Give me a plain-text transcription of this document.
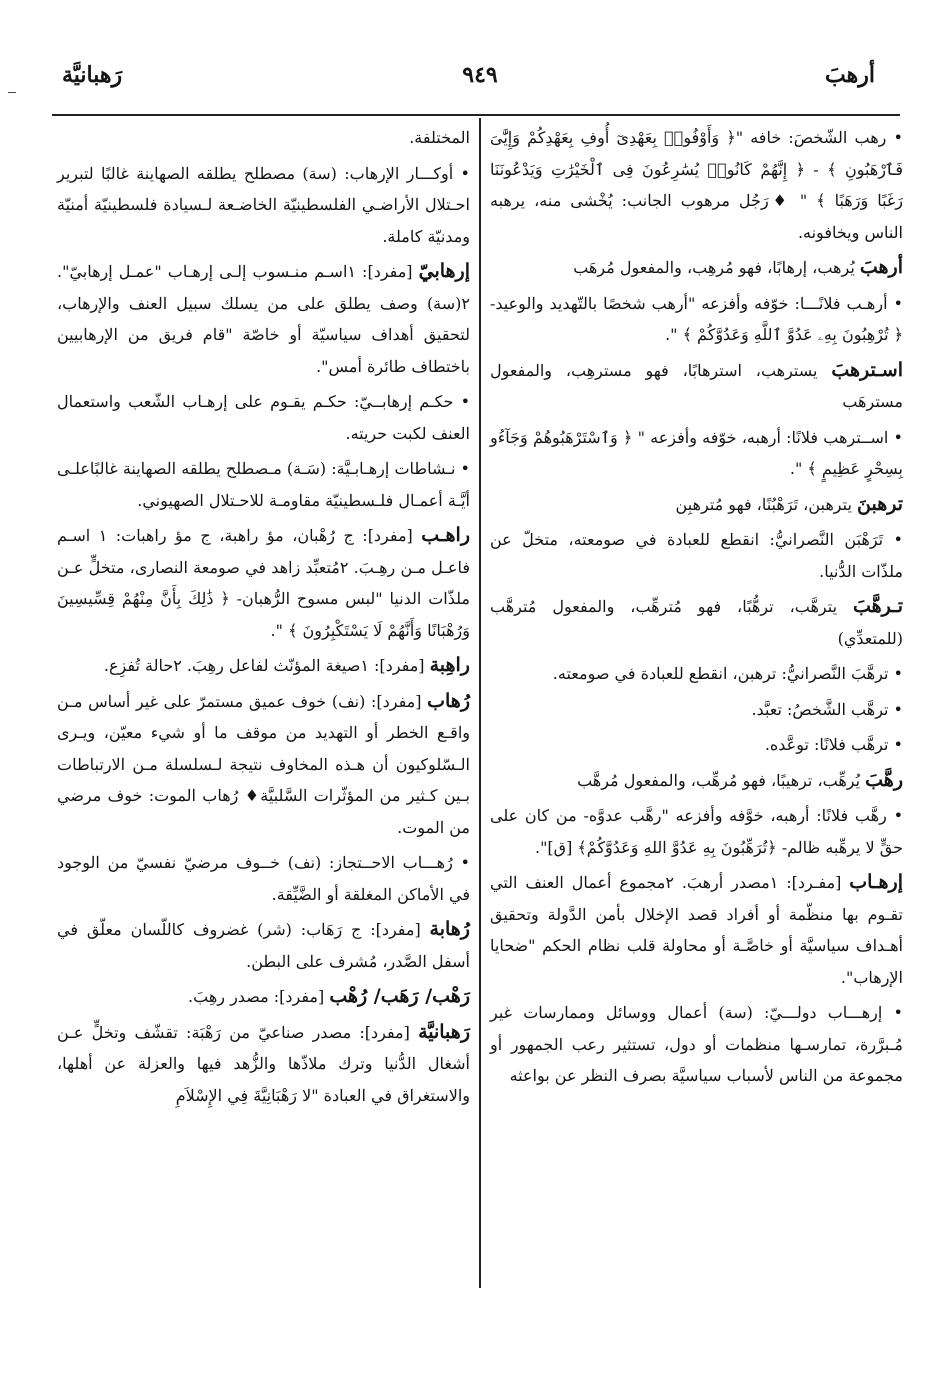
أرهبَ
٩٤٩
رَهبانيَّة

• رهب الشّخصَ: خافه "﴿ وَأَوْفُوا۟ بِعَهْدِىٓ أُوفِ بِعَهْدِكُمْ وَإِيَّٰىَ فَٱرْهَبُونِ ﴾ - ﴿ إِنَّهُمْ كَانُوا۟ يُسَٰرِعُونَ فِى ٱلْخَيْرَٰتِ وَيَدْعُونَنَا رَغَبًا وَرَهَبًا ﴾ " ♦رَجُل مرهوب الجانب: يُخْشى منه، يرهبه الناس ويخافونه.

أرهبَ يُرهب، إرهابًا، فهو مُرهِب، والمفعول مُرهَب

• أرهـب فلانًـــا: خوّفه وأفزعه "أرهب شخصًا بالتّهديد والوعيد- ﴿ تُرْهِبُونَ بِهِۦ عَدُوَّ ٱللَّهِ وَعَدُوَّكُمْ ﴾ ".

اسـترهبَ يسترهب، استرهابًا، فهو مسترهِب، والمفعول مسترهَب

• اســترهب فلانًا: أرهبه، خوّفه وأفزعه " ﴿ وَٱسْتَرْهَبُوهُمْ وَجَآءُو بِسِحْرٍ عَظِيمٍ ﴾ ".

ترهبنَ يترهبن، تَرَهْبُنًا، فهو مُترهبِن

• تَرَهْبَن النَّصرانيُّ: انقطع للعبادة في صومعته، متخلّ عن ملذّات الدُّنيا.

تـرهَّبَ يترهَّب، ترهُّبًا، فهو مُترهِّب، والمفعول مُترهَّب (للمتعدِّي)

• ترهَّبَ النَّصرانيُّ: ترهبن، انقطع للعبادة في صومعته.

• ترهَّب الشَّخصُ: تعبَّد.

• ترهَّب فلانًا: توعَّده.

رهَّبَ يُرهِّب، ترهيبًا، فهو مُرهِّب، والمفعول مُرهَّب

• رهَّب فلانًا: أرهبه، خوَّفه وأفزعه "رهَّب عدوَّه- من كان على حقٍّ لا يرهِّبه ظالم- ﴿تُرَهِّبُونَ بِهِ عَدُوَّ اللهِ وَعَدُوَّكُمْ﴾ [ق]".

إرهـاب [مفـرد]: ١مصدر أرهبَ. ٢مجموع أعمال العنف التي تقـوم بها منظّمة أو أفراد قصد الإخلال بأمن الدَّولة وتحقيق أهـداف سياسيَّة أو خاصَّـة أو محاولة قلب نظام الحكم "ضحايا الإرهاب".

• إرهـــاب دولـــيّ: (سة) أعمال ووسائل وممارسات غير مُـبرَّرة، تمارسـها منظمات أو دول، تستثير رعب الجمهور أو مجموعة من الناس لأسباب سياسيَّة بصرف النظر عن بواعثه

المختلفة.

• أوكـــار الإرهاب: (سة) مصطلح يطلقه الصهاينة غالبًا لتبرير احـتلال الأراضـي الفلسطينيّة الخاضـعة لـسيادة فلسطينيّة أمنيّة ومدنيّة كاملة.

إرهابيّ [مفرد]: ١اسـم منـسوب إلـى إرهـاب "عمـل إرهابيّ". ٢(سة) وصف يطلق على من يسلك سبيل العنف والإرهاب، لتحقيق أهداف سياسيّة أو خاصّة "قام فريق من الإرهابيين باختطاف طائرة أمس".

• حكـم إرهابــيّ: حكـم يقـوم على إرهـاب الشّعب واستعمال العنف لكبت حريته.

• نـشاطات إرهـابـيَّة: (سَـة) مـصطلح يطلقه الصهاينة غالبًاعلـى أيَّـة أعمـال فلـسطينيّة مقاومـة للاحـتلال الصهيوني.

راهـب [مفرد]: ج رُهْبان، مؤ راهبة، ج مؤ راهبات: ١ اسـم فاعـل مـن رهِـبَ. ٢مُتعبِّد زاهد في صومعة النصارى، متخلٍّ عـن ملذّات الدنيا "لبس مسوح الرُّهبان- ﴿ ذَٰلِكَ بِأَنَّ مِنْهُمْ قِسِّيسِينَ وَرُهْبَانًا وَأَنَّهُمْ لَا يَسْتَكْبِرُونَ ﴾ ".

راهِبة [مفرد]: ١صيغة المؤنّث لفاعل رهِبَ. ٢حالة تُفزِع.

رُهاب [مفرد]: (نف) خوف عميق مستمرّ على غير أساس مـن واقـع الخطر أو التهديد من موقف ما أو شيء معيّن، ويـرى الـسّلوكيون أن هـذه المخاوف نتيجة لـسلسلة مـن الارتباطات بـين كـثير من المؤثّرات السَّلبيَّة♦ رُهاب الموت: خوف مرضي من الموت.

• رُهـــاب الاحــتجاز: (نف) خــوف مرضيّ نفسيّ من الوجود في الأماكن المغلقة أو الضَّيِّقة.

رُهابة [مفرد]: ج رَهَاب: (شر) غضروف كاللّسان معلّق في أسفل الصَّدر، مُشرف على البطن.

رَهْب/ رَهَب/ رُهْب [مفرد]: مصدر رهِبَ.

رَهبانيَّة [مفرد]: مصدر صناعيّ من رَهْبَة: تقشّف وتخلٍّ عـن أشغال الدُّنيا وترك ملاذّها والزُّهد فيها والعزلة عن أهلها، والاستغراق في العبادة "لا رَهْبَانِيَّةَ فِي الإِسْلاَمِ
